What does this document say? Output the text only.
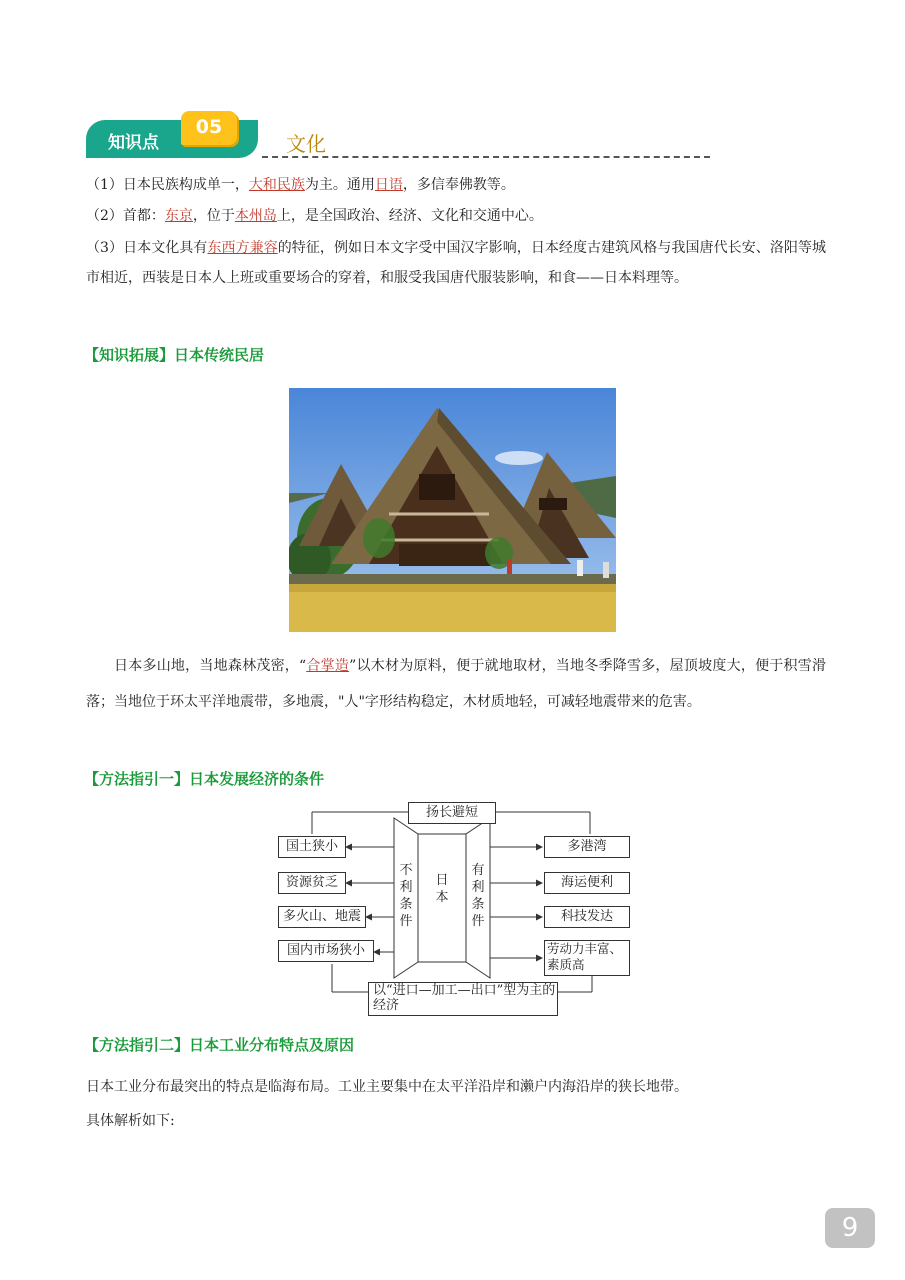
知识点
05
文化

（1）日本民族构成单一，大和民族为主。通用日语，多信奉佛教等。

（2）首都：东京，位于本州岛上，是全国政治、经济、文化和交通中心。

（3）日本文化具有东西方兼容的特征，例如日本文字受中国汉字影响，日本经度古建筑风格与我国唐代长安、洛阳等城市相近，西装是日本人上班或重要场合的穿着，和服受我国唐代服装影响，和食——日本料理等。

【知识拓展】日本传统民居

日本多山地，当地森林茂密，“合掌造”以木材为原料，便于就地取材，当地冬季降雪多，屋顶坡度大，便于积雪滑落；当地位于环太平洋地震带，多地震，"人"字形结构稳定，木材质地轻，可减轻地震带来的危害。

【方法指引一】日本发展经济的条件
扬长避短
日本
不利条件
有利条件
国土狭小
资源贫乏
多火山、地震
国内市场狭小
多港湾
海运便利
科技发达
劳动力丰富、素质高
以“进口—加工—出口”型为主的经济
【方法指引二】日本工业分布特点及原因

日本工业分布最突出的特点是临海布局。工业主要集中在太平洋沿岸和濑户内海沿岸的狭长地带。

具体解析如下:

9
